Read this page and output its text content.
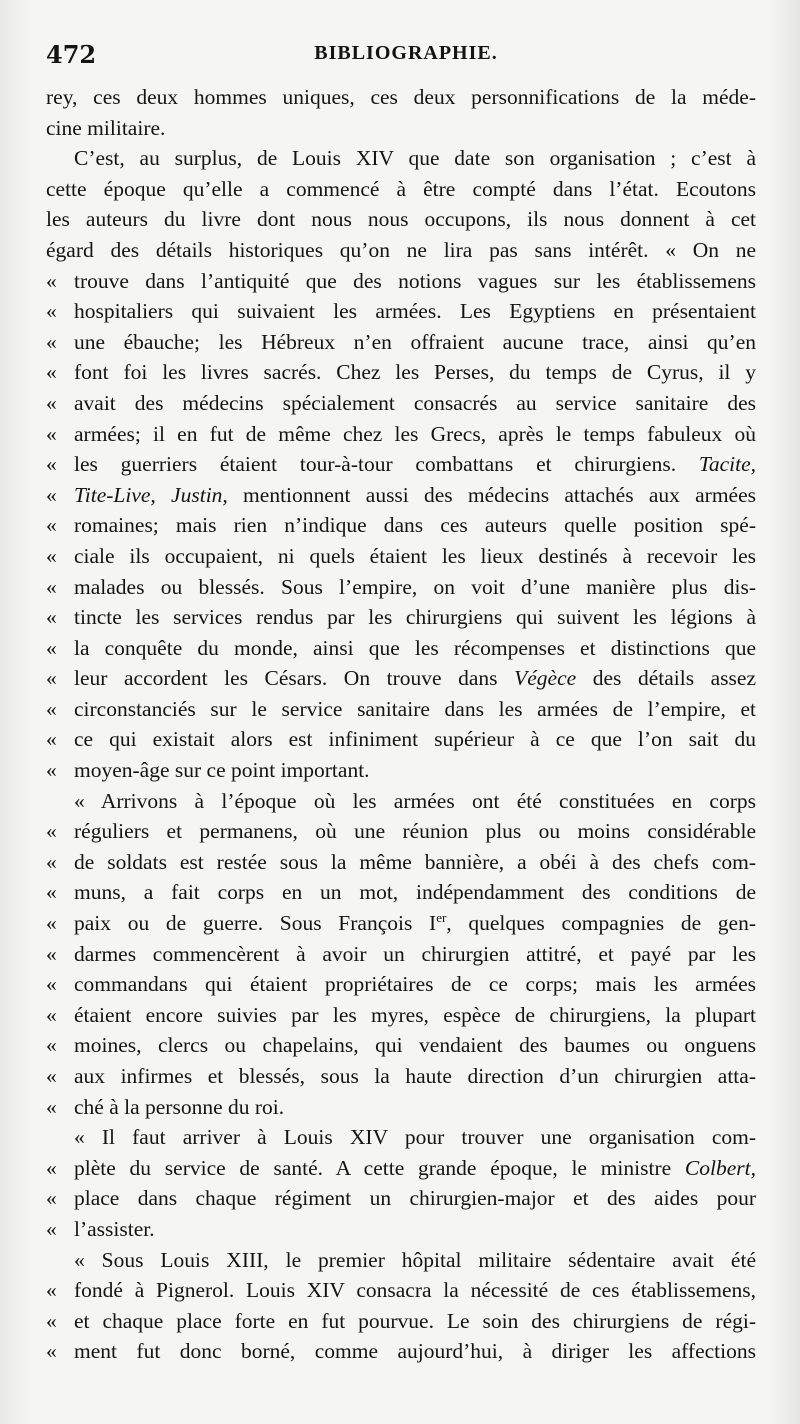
472	BIBLIOGRAPHIE.
rey, ces deux hommes uniques, ces deux personnifications de la méde-
cine militaire.
C’est, au surplus, de Louis XIV que date son organisation ; c’est à
cette époque qu’elle a commencé à être compté dans l’état. Ecoutons
les auteurs du livre dont nous nous occupons, ils nous donnent à cet
égard des détails historiques qu’on ne lira pas sans intérêt. « On ne
« trouve dans l’antiquité que des notions vagues sur les établissemens
« hospitaliers qui suivaient les armées. Les Egyptiens en présentaient
« une ébauche; les Hébreux n’en offraient aucune trace, ainsi qu’en
« font foi les livres sacrés. Chez les Perses, du temps de Cyrus, il y
« avait des médecins spécialement consacrés au service sanitaire des
« armées; il en fut de même chez les Grecs, après le temps fabuleux où
« les guerriers étaient tour-à-tour combattans et chirurgiens. Tacite,
« Tite-Live, Justin, mentionnent aussi des médecins attachés aux armées
« romaines; mais rien n’indique dans ces auteurs quelle position spé-
« ciale ils occupaient, ni quels étaient les lieux destinés à recevoir les
« malades ou blessés. Sous l’empire, on voit d’une manière plus dis-
« tincte les services rendus par les chirurgiens qui suivent les légions à
« la conquête du monde, ainsi que les récompenses et distinctions que
« leur accordent les Césars. On trouve dans Végèce des détails assez
« circonstanciés sur le service sanitaire dans les armées de l’empire, et
« ce qui existait alors est infiniment supérieur à ce que l’on sait du
« moyen-âge sur ce point important.
« Arrivons à l’époque où les armées ont été constituées en corps
« réguliers et permanens, où une réunion plus ou moins considérable
« de soldats est restée sous la même bannière, a obéi à des chefs com-
« muns, a fait corps en un mot, indépendamment des conditions de
« paix ou de guerre. Sous François Ier, quelques compagnies de gen-
« darmes commencèrent à avoir un chirurgien attitré, et payé par les
« commandans qui étaient propriétaires de ce corps; mais les armées
« étaient encore suivies par les myres, espèce de chirurgiens, la plupart
« moines, clercs ou chapelains, qui vendaient des baumes ou onguens
« aux infirmes et blessés, sous la haute direction d’un chirurgien atta-
« ché à la personne du roi.
« Il faut arriver à Louis XIV pour trouver une organisation com-
« plète du service de santé. A cette grande époque, le ministre Colbert,
« place dans chaque régiment un chirurgien-major et des aides pour
« l’assister.
« Sous Louis XIII, le premier hôpital militaire sédentaire avait été
« fondé à Pignerol. Louis XIV consacra la nécessité de ces établissemens,
« et chaque place forte en fut pourvue. Le soin des chirurgiens de régi-
« ment fut donc borné, comme aujourd’hui, à diriger les affections
